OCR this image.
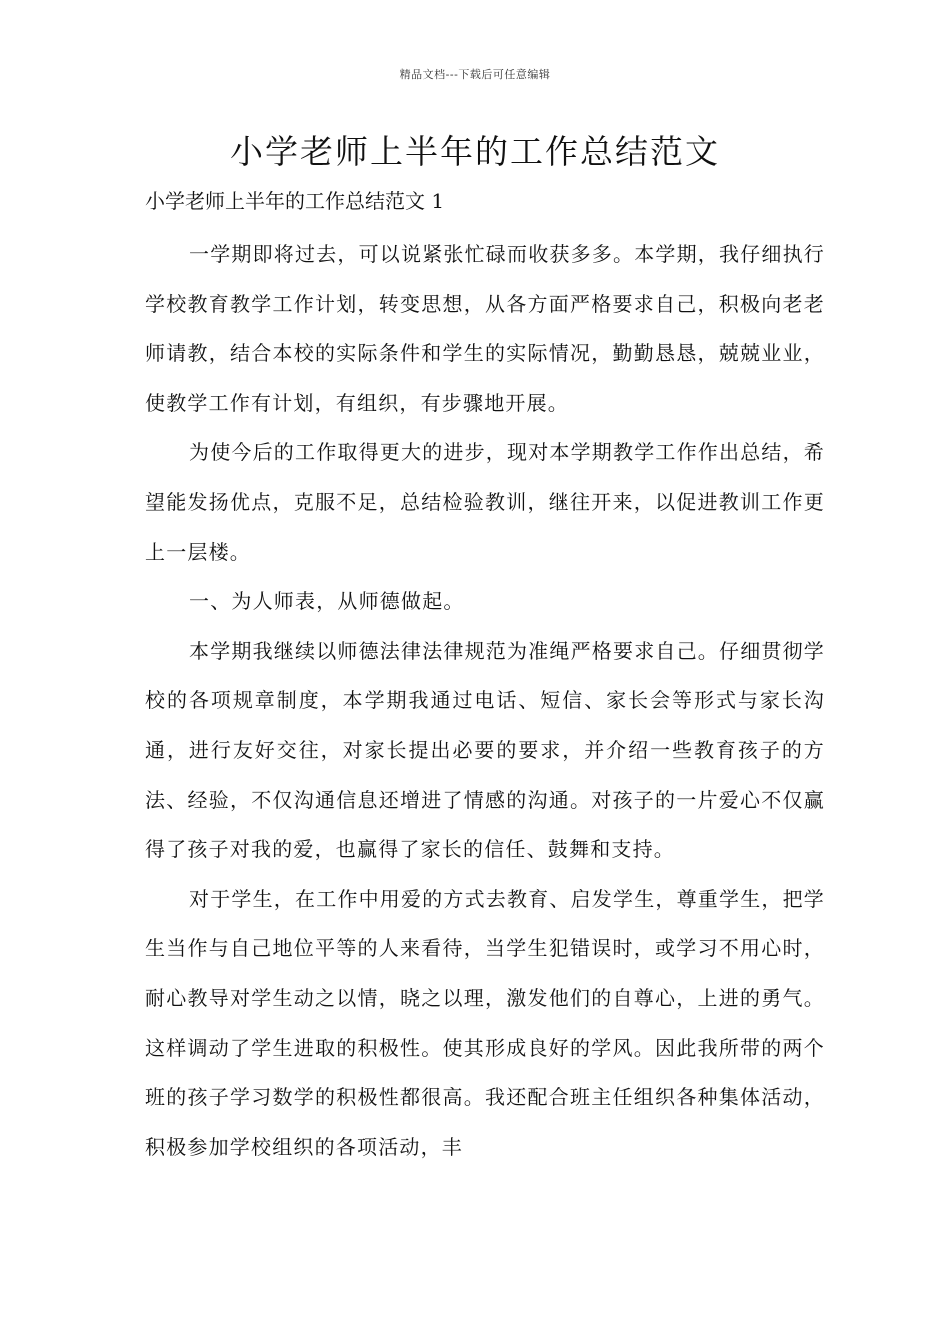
精品文档---下载后可任意编辑
小学老师上半年的工作总结范文
小学老师上半年的工作总结范文 1

一学期即将过去，可以说紧张忙碌而收获多多。本学期，我仔细执行学校教育教学工作计划，转变思想，从各方面严格要求自己，积极向老老师请教，结合本校的实际条件和学生的实际情况，勤勤恳恳，兢兢业业，使教学工作有计划，有组织，有步骤地开展。

为使今后的工作取得更大的进步，现对本学期教学工作作出总结，希望能发扬优点，克服不足，总结检验教训，继往开来，以促进教训工作更上一层楼。

一、为人师表，从师德做起。

本学期我继续以师德法律法律规范为准绳严格要求自己。仔细贯彻学校的各项规章制度，本学期我通过电话、短信、家长会等形式与家长沟通，进行友好交往，对家长提出必要的要求，并介绍一些教育孩子的方法、经验，不仅沟通信息还增进了情感的沟通。对孩子的一片爱心不仅赢得了孩子对我的爱，也赢得了家长的信任、鼓舞和支持。

对于学生，在工作中用爱的方式去教育、启发学生，尊重学生，把学生当作与自己地位平等的人来看待，当学生犯错误时，或学习不用心时，耐心教导对学生动之以情，晓之以理，激发他们的自尊心，上进的勇气。这样调动了学生进取的积极性。使其形成良好的学风。因此我所带的两个班的孩子学习数学的积极性都很高。我还配合班主任组织各种集体活动，积极参加学校组织的各项活动，丰
